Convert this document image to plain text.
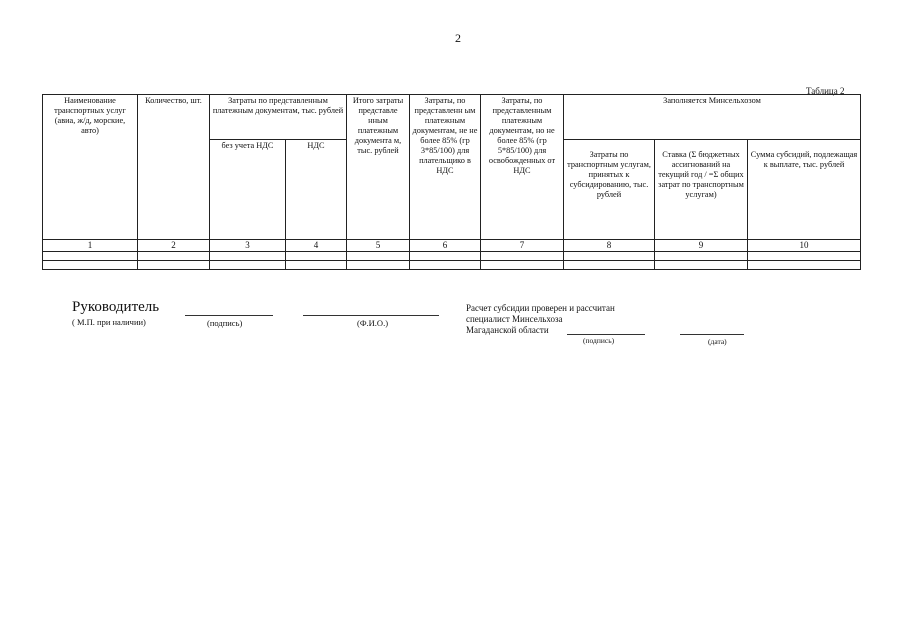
2
Таблица 2
Наименование транспортных услуг (авиа, ж/д, морские, авто)	Количество, шт.	Затраты по представленным платежным документам, тыс. рублей		Итого затраты представле нным платежным документа м, тыс. рублей	Затраты, по представленн ым платежным документам, не не более 85% (гр 3*85/100) для плательщико в НДС	Затраты, по представленным платежным документам, но не более 85% (гр 5*85/100) для освобожденных от НДС	Заполняется Минсельхозом		
		без учета НДС	НДС				Затраты по транспортным услугам, принятых к субсидированию, тыс. рублей	Ставка (Σ бюджетных ассигнований на текущий год / =Σ общих затрат по транспортным услугам)	Сумма субсидий, подлежащая к выплате, тыс. рублей
1	2	3	4	5	6	7	8	9	10

Руководитель
( М.П. при наличии)	(подпись)	(Ф.И.О.)
Расчет субсидии проверен и рассчитан
специалист Минсельхоза
Магаданской области
(подпись)	(дата)
